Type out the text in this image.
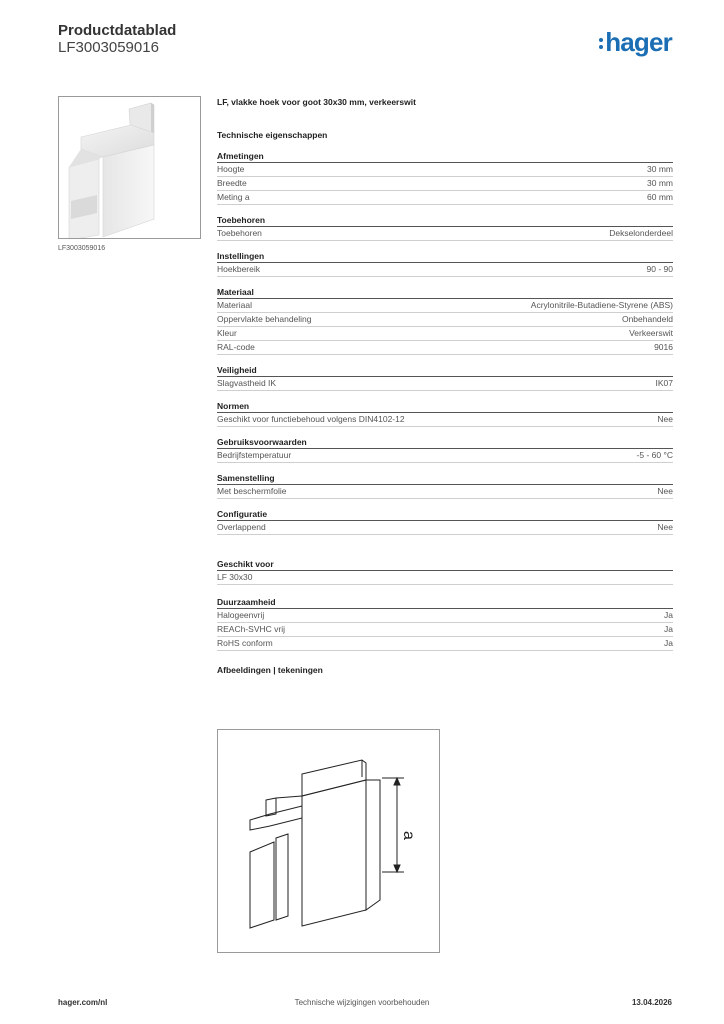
Productdatablad
LF3003059016	hager
LF3003059016
LF, vlakke hoek voor goot 30x30 mm, verkeerswit
Technische eigenschappen
Afmetingen
Hoogte	30 mm
Breedte	30 mm
Meting a	60 mm
Toebehoren
Toebehoren	Dekselonderdeel
Instellingen
Hoekbereik	90 - 90
Materiaal
Materiaal	Acrylonitrile-Butadiene-Styrene (ABS)
Oppervlakte behandeling	Onbehandeld
Kleur	Verkeerswit
RAL-code	9016
Veiligheid
Slagvastheid IK	IK07
Normen
Geschikt voor functiebehoud volgens DIN4102-12	Nee
Gebruiksvoorwaarden
Bedrijfstemperatuur	-5 - 60 °C
Samenstelling
Met beschermfolie	Nee
Configuratie
Overlappend	Nee
Geschikt voor
LF 30x30
Duurzaamheid
Halogeenvrij	Ja
REACh-SVHC vrij	Ja
RoHS conform	Ja
Afbeeldingen | tekeningen
a
hager.com/nl	Technische wijzigingen voorbehouden	13.04.2026
